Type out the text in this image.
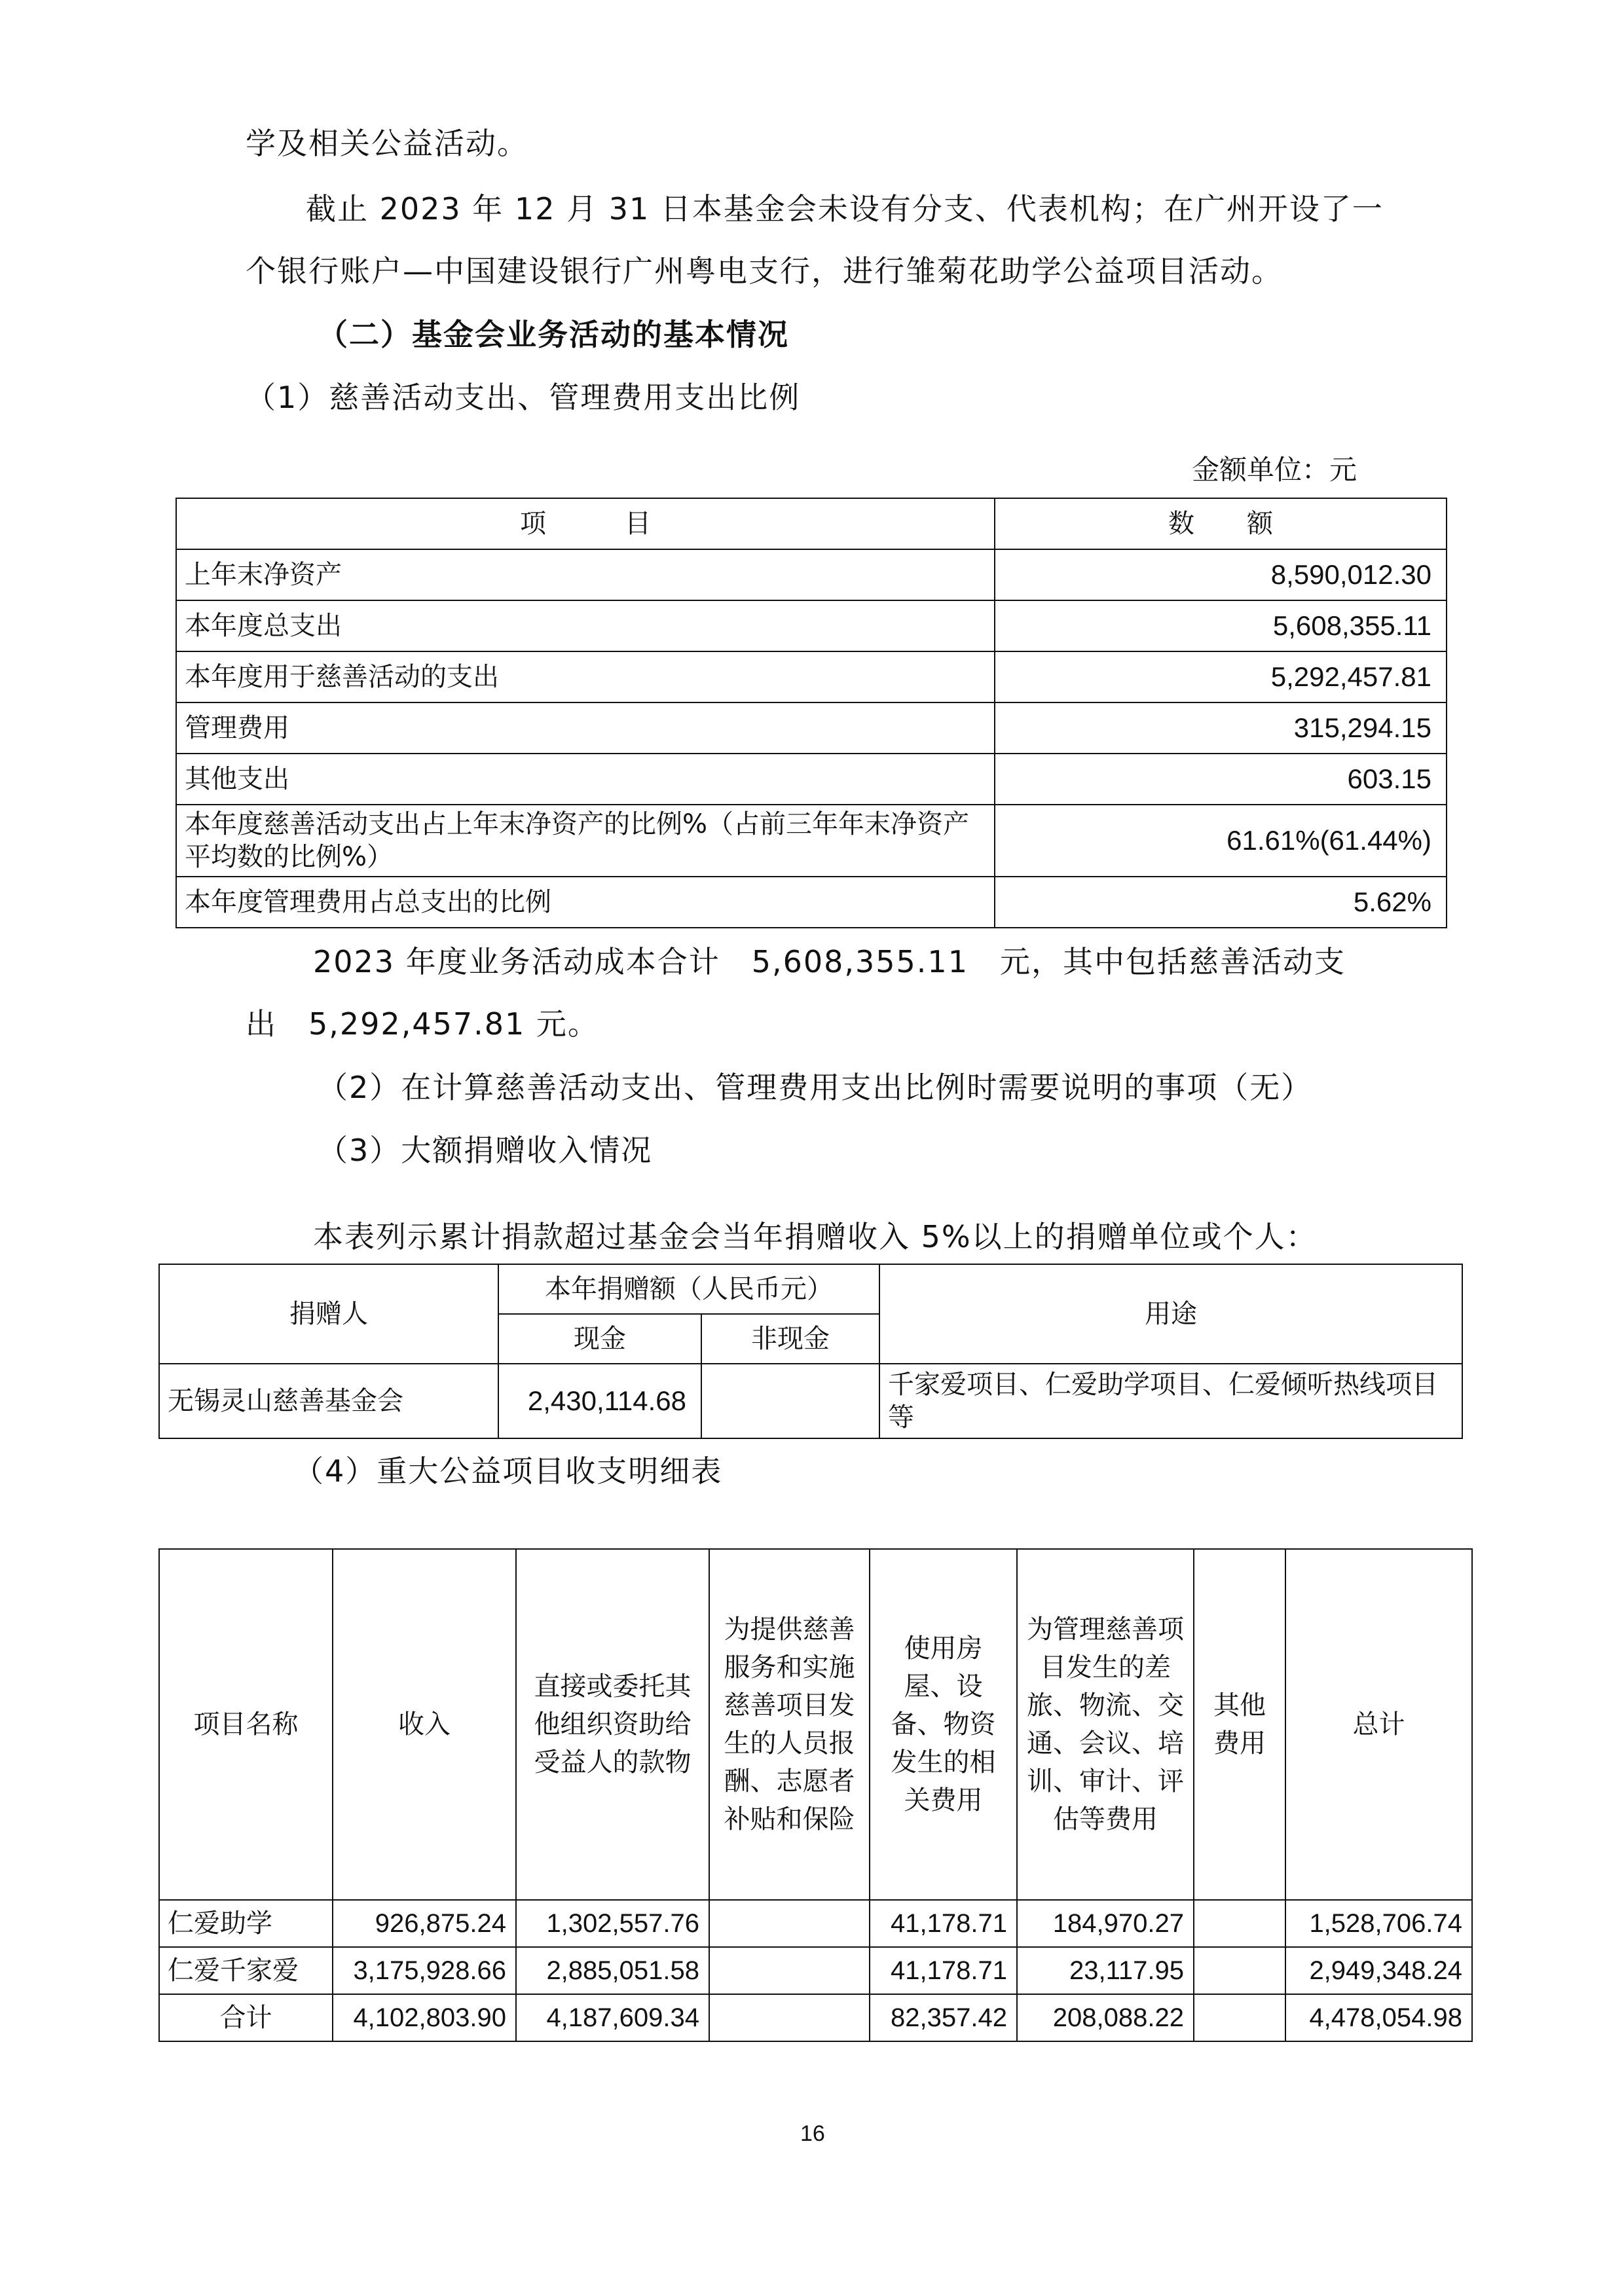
学及相关公益活动。
截止 2023 年 12 月 31 日本基金会未设有分支、代表机构；在广州开设了一
个银行账户—中国建设银行广州粤电支行，进行雏菊花助学公益项目活动。
（二）基金会业务活动的基本情况
（1）慈善活动支出、管理费用支出比例
金额单位：元
项　　　目	数　　额
上年末净资产	8,590,012.30
本年度总支出	5,608,355.11
本年度用于慈善活动的支出	5,292,457.81
管理费用	315,294.15
其他支出	603.15
本年度慈善活动支出占上年末净资产的比例%（占前三年年末净资产平均数的比例%）	61.61%(61.44%)
本年度管理费用占总支出的比例	5.62%
2023 年度业务活动成本合计　5,608,355.11　元，其中包括慈善活动支
出　5,292,457.81 元。
（2）在计算慈善活动支出、管理费用支出比例时需要说明的事项（无）
（3）大额捐赠收入情况
本表列示累计捐款超过基金会当年捐赠收入 5%以上的捐赠单位或个人：
捐赠人	本年捐赠额（人民币元）		用途
	现金	非现金	
无锡灵山慈善基金会	2,430,114.68		千家爱项目、仁爱助学项目、仁爱倾听热线项目等
（4）重大公益项目收支明细表
项目名称	收入	直接或委托其他组织资助给受益人的款物	为提供慈善服务和实施慈善项目发生的人员报酬、志愿者补贴和保险	使用房屋、设备、物资发生的相关费用	为管理慈善项目发生的差旅、物流、交通、会议、培训、审计、评估等费用	其他费用	总计
仁爱助学	926,875.24	1,302,557.76		41,178.71	184,970.27		1,528,706.74
仁爱千家爱	3,175,928.66	2,885,051.58		41,178.71	23,117.95		2,949,348.24
合计	4,102,803.90	4,187,609.34		82,357.42	208,088.22		4,478,054.98
16
